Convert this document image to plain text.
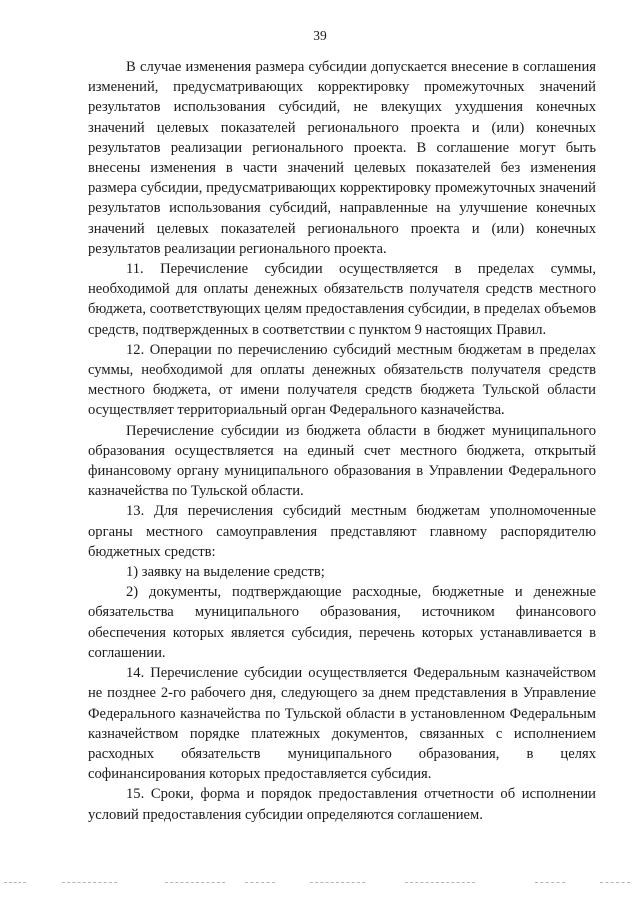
39

В случае изменения размера субсидии допускается внесение в соглашения изменений, предусматривающих корректировку промежуточных значений результатов использования субсидий, не влекущих ухудшения конечных значений целевых показателей регионального проекта и (или) конечных результатов реализации регионального проекта. В соглашение могут быть внесены изменения в части значений целевых показателей без изменения размера субсидии, предусматривающих корректировку промежуточных значений результатов использования субсидий, направленные на улучшение конечных значений целевых показателей регионального проекта и (или) конечных результатов реализации регионального проекта.

11. Перечисление субсидии осуществляется в пределах суммы, необходимой для оплаты денежных обязательств получателя средств местного бюджета, соответствующих целям предоставления субсидии, в пределах объемов средств, подтвержденных в соответствии с пунктом 9 настоящих Правил.

12. Операции по перечислению субсидий местным бюджетам в пределах суммы, необходимой для оплаты денежных обязательств получателя средств местного бюджета, от имени получателя средств бюджета Тульской области осуществляет территориальный орган Федерального казначейства.

Перечисление субсидии из бюджета области в бюджет муниципального образования осуществляется на единый счет местного бюджета, открытый финансовому органу муниципального образования в Управлении Федерального казначейства по Тульской области.

13. Для перечисления субсидий местным бюджетам уполномоченные органы местного самоуправления представляют главному распорядителю бюджетных средств:

1) заявку на выделение средств;

2) документы, подтверждающие расходные, бюджетные и денежные обязательства муниципального образования, источником финансового обеспечения которых является субсидия, перечень которых устанавливается в соглашении.

14. Перечисление субсидии осуществляется Федеральным казначейством не позднее 2-го рабочего дня, следующего за днем представления в Управление Федерального казначейства по Тульской области в установленном Федеральным казначейством порядке платежных документов, связанных с исполнением расходных обязательств муниципального образования, в целях софинансирования которых предоставляется субсидия.

15. Сроки, форма и порядок предоставления отчетности об исполнении условий предоставления субсидии определяются соглашением.
